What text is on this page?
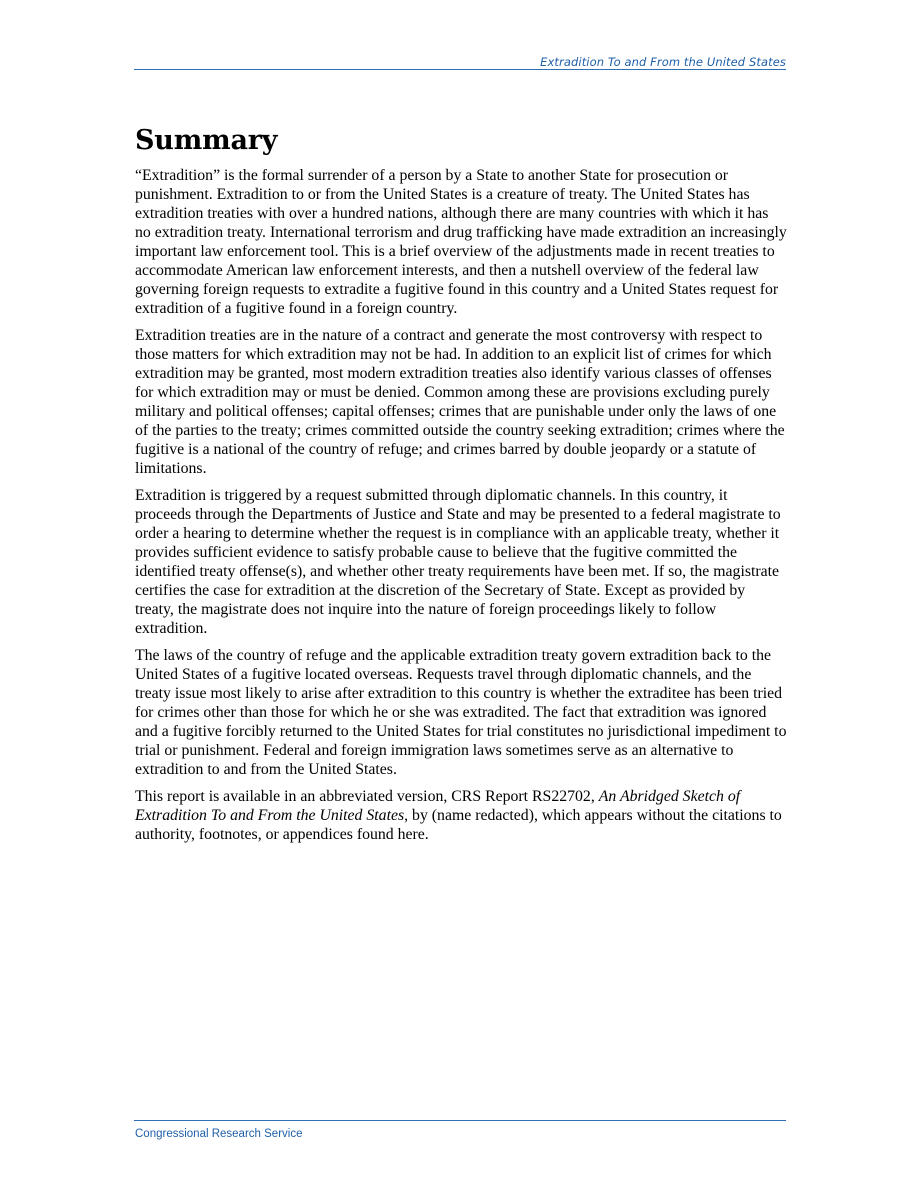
Extradition To and From the United States
Summary

“Extradition” is the formal surrender of a person by a State to another State for prosecution or punishment. Extradition to or from the United States is a creature of treaty. The United States has extradition treaties with over a hundred nations, although there are many countries with which it has no extradition treaty. International terrorism and drug trafficking have made extradition an increasingly important law enforcement tool. This is a brief overview of the adjustments made in recent treaties to accommodate American law enforcement interests, and then a nutshell overview of the federal law governing foreign requests to extradite a fugitive found in this country and a United States request for extradition of a fugitive found in a foreign country.

Extradition treaties are in the nature of a contract and generate the most controversy with respect to those matters for which extradition may not be had. In addition to an explicit list of crimes for which extradition may be granted, most modern extradition treaties also identify various classes of offenses for which extradition may or must be denied. Common among these are provisions excluding purely military and political offenses; capital offenses; crimes that are punishable under only the laws of one of the parties to the treaty; crimes committed outside the country seeking extradition; crimes where the fugitive is a national of the country of refuge; and crimes barred by double jeopardy or a statute of limitations.

Extradition is triggered by a request submitted through diplomatic channels. In this country, it proceeds through the Departments of Justice and State and may be presented to a federal magistrate to order a hearing to determine whether the request is in compliance with an applicable treaty, whether it provides sufficient evidence to satisfy probable cause to believe that the fugitive committed the identified treaty offense(s), and whether other treaty requirements have been met. If so, the magistrate certifies the case for extradition at the discretion of the Secretary of State. Except as provided by treaty, the magistrate does not inquire into the nature of foreign proceedings likely to follow extradition.

The laws of the country of refuge and the applicable extradition treaty govern extradition back to the United States of a fugitive located overseas. Requests travel through diplomatic channels, and the treaty issue most likely to arise after extradition to this country is whether the extraditee has been tried for crimes other than those for which he or she was extradited. The fact that extradition was ignored and a fugitive forcibly returned to the United States for trial constitutes no jurisdictional impediment to trial or punishment. Federal and foreign immigration laws sometimes serve as an alternative to extradition to and from the United States.

This report is available in an abbreviated version, CRS Report RS22702, An Abridged Sketch of Extradition To and From the United States, by (name redacted), which appears without the citations to authority, footnotes, or appendices found here.

Congressional Research Service
